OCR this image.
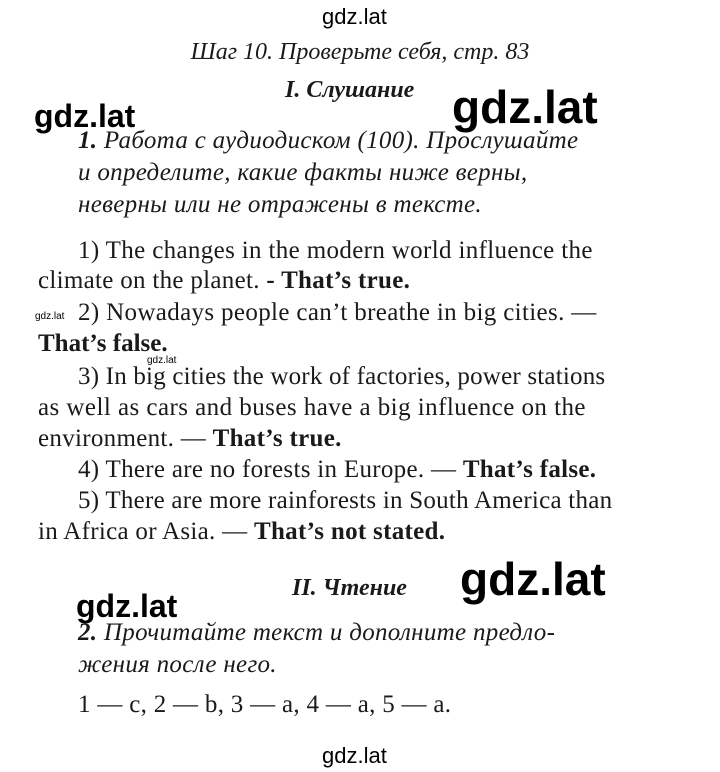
gdz.lat
gdz.lat	gdz.lat
gdz.lat
gdz.lat
gdz.lat
gdz.lat
gdz.lat
Шаг 10. Проверьте себя, стр. 83
I. Слушание
1. Работа с аудиодиском (100). Прослушайте
и определите, какие факты ниже верны,
неверны или не отражены в тексте.
1) The changes in the modern world influence the
climate on the planet. - That’s true.
2) Nowadays people can’t breathe in big cities. —
That’s false.
3) In big cities the work of factories, power stations
as well as cars and buses have a big influence on the
environment. — That’s true.
4) There are no forests in Europe. — That’s false.
5) There are more rainforests in South America than
in Africa or Asia. — That’s not stated.
II. Чтение
2. Прочитайте текст и дополните предло-
жения после него.
1 — c, 2 — b, 3 — a, 4 — a, 5 — a.
